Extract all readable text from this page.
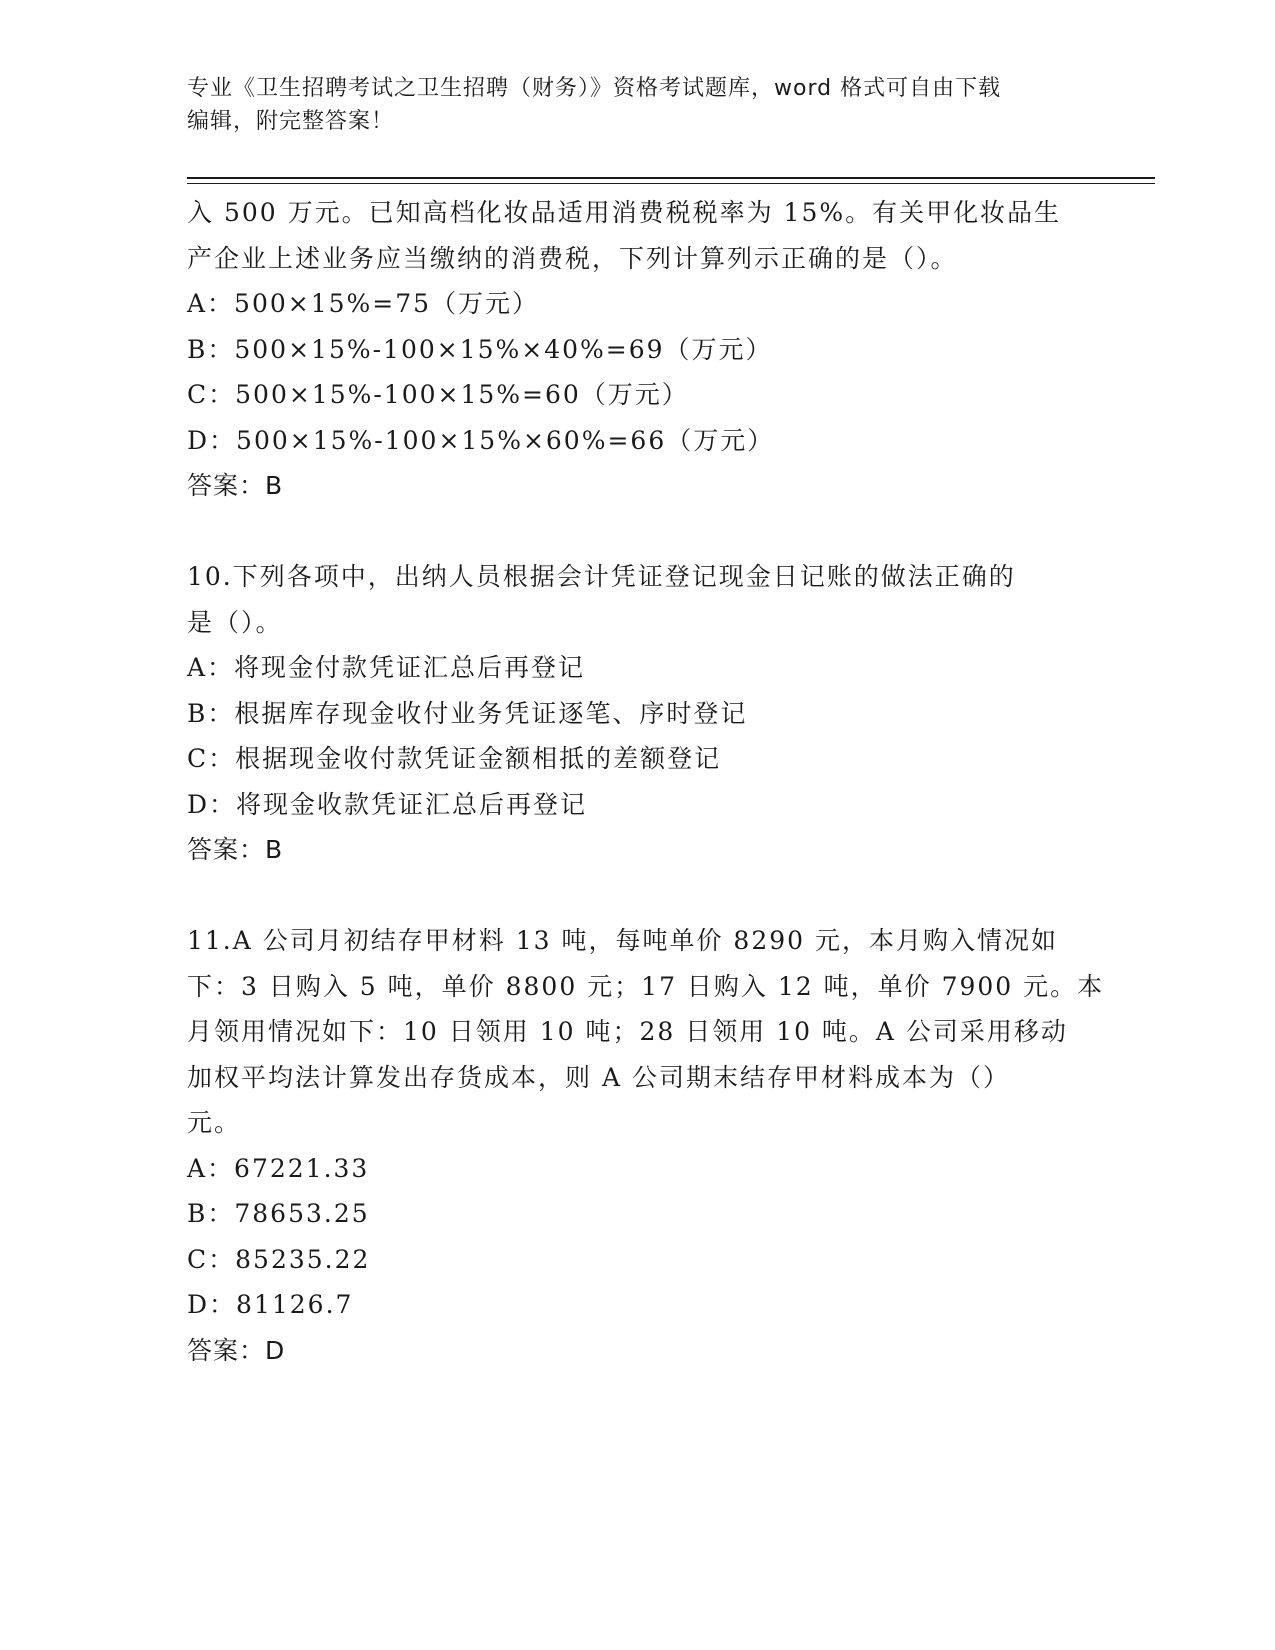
专业《卫生招聘考试之卫生招聘（财务）》资格考试题库，word 格式可自由下载
编辑，附完整答案！
入 500 万元。已知高档化妆品适用消费税税率为 15%。有关甲化妆品生
产企业上述业务应当缴纳的消费税，下列计算列示正确的是（）。
A：500×15%=75（万元）
B：500×15%-100×15%×40%=69（万元）
C：500×15%-100×15%=60（万元）
D：500×15%-100×15%×60%=66（万元）
答案：B
10.下列各项中，出纳人员根据会计凭证登记现金日记账的做法正确的
是（）。
A：将现金付款凭证汇总后再登记
B：根据库存现金收付业务凭证逐笔、序时登记
C：根据现金收付款凭证金额相抵的差额登记
D：将现金收款凭证汇总后再登记
答案：B
11.A 公司月初结存甲材料 13 吨，每吨单价 8290 元，本月购入情况如
下：3 日购入 5 吨，单价 8800 元；17 日购入 12 吨，单价 7900 元。本
月领用情况如下：10 日领用 10 吨；28 日领用 10 吨。A 公司采用移动
加权平均法计算发出存货成本，则 A 公司期末结存甲材料成本为（）
元。
A：67221.33
B：78653.25
C：85235.22
D：81126.7
答案：D
